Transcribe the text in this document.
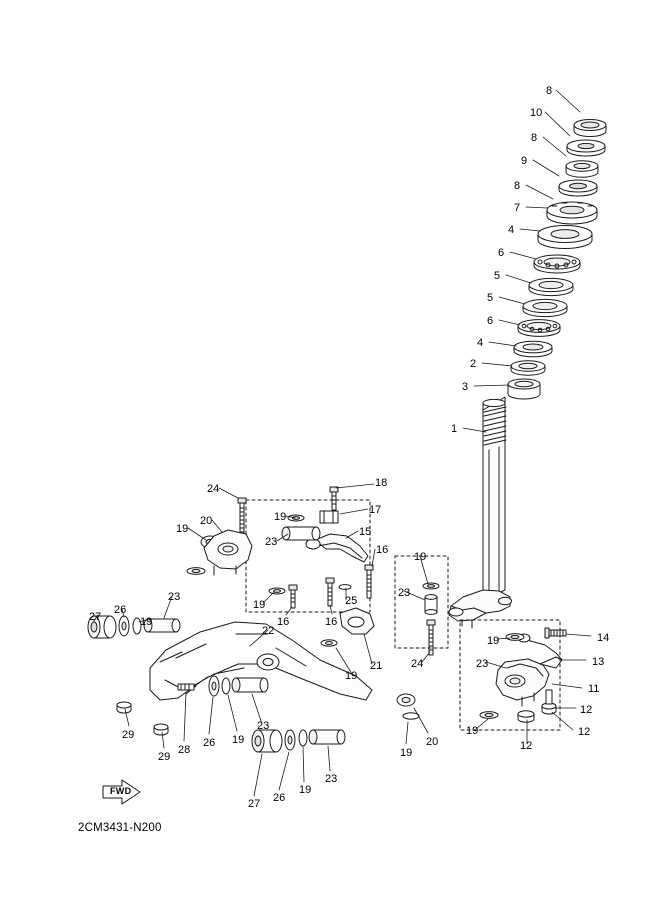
8
10
8
9
8
7
4
6
5
5
6
4
2
3
1
24	18
17
19
20
19	15
23
16
19
19
16	16
25
23
14
19
13
24	23
11
12
12
12
19
27
26
19
23
22
19
21
29
29
28
26 19
23
27 26
19
23
19
20
FWD
2CM3431-N200
